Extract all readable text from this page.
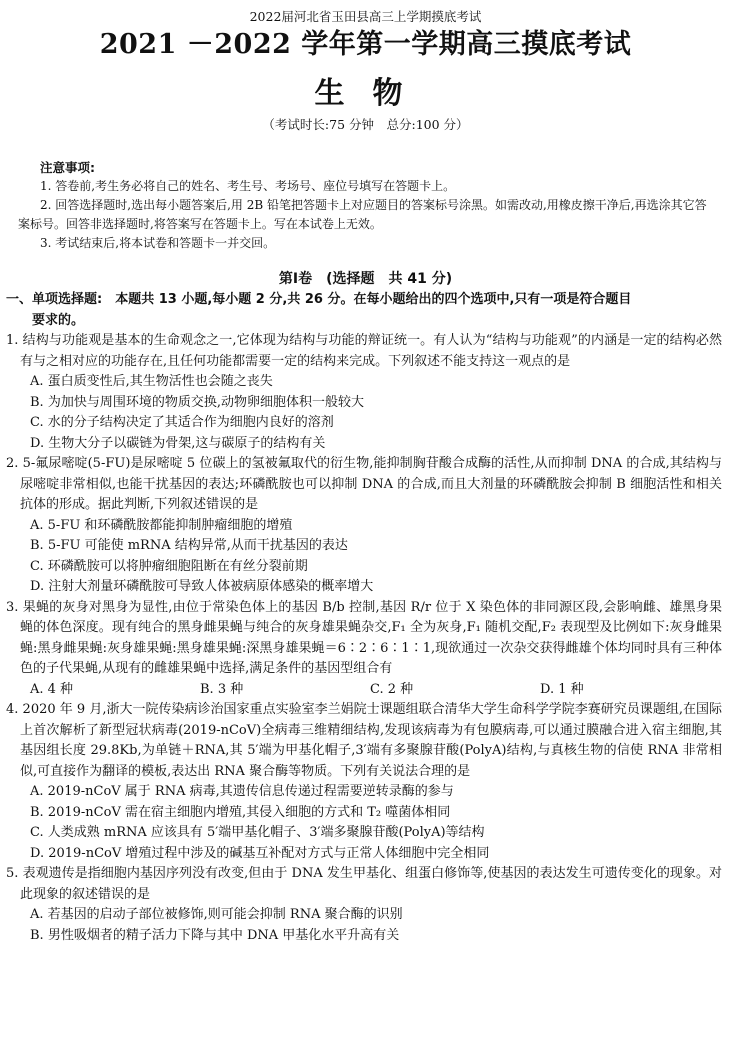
2022届河北省玉田县高三上学期摸底考试
2021 －2022 学年第一学期高三摸底考试
生物
（考试时长:75 分钟　总分:100 分）
注意事项:

1. 答卷前,考生务必将自己的姓名、考生号、考场号、座位号填写在答题卡上。

2. 回答选择题时,选出每小题答案后,用 2B 铅笔把答题卡上对应题目的答案标号涂黑。如需改动,用橡皮擦干净后,再选涂其它答案标号。回答非选择题时,将答案写在答题卡上。写在本试卷上无效。

3. 考试结束后,将本试卷和答题卡一并交回。

第Ⅰ卷　(选择题　共 41 分)

一、单项选择题:　本题共 13 小题,每小题 2 分,共 26 分。在每小题给出的四个选项中,只有一项是符合题目
要求的。

1. 结构与功能观是基本的生命观念之一,它体现为结构与功能的辩证统一。有人认为“结构与功能观”的内涵是一定的结构必然有与之相对应的功能存在,且任何功能都需要一定的结构来完成。下列叙述不能支持这一观点的是

A. 蛋白质变性后,其生物活性也会随之丧失

B. 为加快与周围环境的物质交换,动物卵细胞体积一般较大

C. 水的分子结构决定了其适合作为细胞内良好的溶剂

D. 生物大分子以碳链为骨架,这与碳原子的结构有关

2. 5-氟尿嘧啶(5-FU)是尿嘧啶 5 位碳上的氢被氟取代的衍生物,能抑制胸苷酸合成酶的活性,从而抑制 DNA 的合成,其结构与尿嘧啶非常相似,也能干扰基因的表达;环磷酰胺也可以抑制 DNA 的合成,而且大剂量的环磷酰胺会抑制 B 细胞活性和相关抗体的形成。据此判断,下列叙述错误的是

A. 5-FU 和环磷酰胺都能抑制肿瘤细胞的增殖

B. 5-FU 可能使 mRNA 结构异常,从而干扰基因的表达

C. 环磷酰胺可以将肿瘤细胞阻断在有丝分裂前期

D. 注射大剂量环磷酰胺可导致人体被病原体感染的概率增大

3. 果蝇的灰身对黑身为显性,由位于常染色体上的基因 B/b 控制,基因 R/r 位于 X 染色体的非同源区段,会影响雌、雄黑身果蝇的体色深度。现有纯合的黑身雌果蝇与纯合的灰身雄果蝇杂交,F₁ 全为灰身,F₁ 随机交配,F₂ 表现型及比例如下:灰身雌果蝇:黑身雌果蝇:灰身雄果蝇:黑身雄果蝇:深黑身雄果蝇＝6∶2∶6∶1∶1,现欲通过一次杂交获得雌雄个体均同时具有三种体色的子代果蝇,从现有的雌雄果蝇中选择,满足条件的基因型组合有

A. 4 种	B. 3 种	C. 2 种	D. 1 种

4. 2020 年 9 月,浙大一院传染病诊治国家重点实验室李兰娟院士课题组联合清华大学生命科学学院李赛研究员课题组,在国际上首次解析了新型冠状病毒(2019-nCoV)全病毒三维精细结构,发现该病毒为有包膜病毒,可以通过膜融合进入宿主细胞,其基因组长度 29.8Kb,为单链＋RNA,其 5′端为甲基化帽子,3′端有多聚腺苷酸(PolyA)结构,与真核生物的信使 RNA 非常相似,可直接作为翻译的模板,表达出 RNA 聚合酶等物质。下列有关说法合理的是

A. 2019-nCoV 属于 RNA 病毒,其遗传信息传递过程需要逆转录酶的参与

B. 2019-nCoV 需在宿主细胞内增殖,其侵入细胞的方式和 T₂ 噬菌体相同

C. 人类成熟 mRNA 应该具有 5′端甲基化帽子、3′端多聚腺苷酸(PolyA)等结构

D. 2019-nCoV 增殖过程中涉及的碱基互补配对方式与正常人体细胞中完全相同

5. 表观遗传是指细胞内基因序列没有改变,但由于 DNA 发生甲基化、组蛋白修饰等,使基因的表达发生可遗传变化的现象。对此现象的叙述错误的是

A. 若基因的启动子部位被修饰,则可能会抑制 RNA 聚合酶的识别

B. 男性吸烟者的精子活力下降与其中 DNA 甲基化水平升高有关
